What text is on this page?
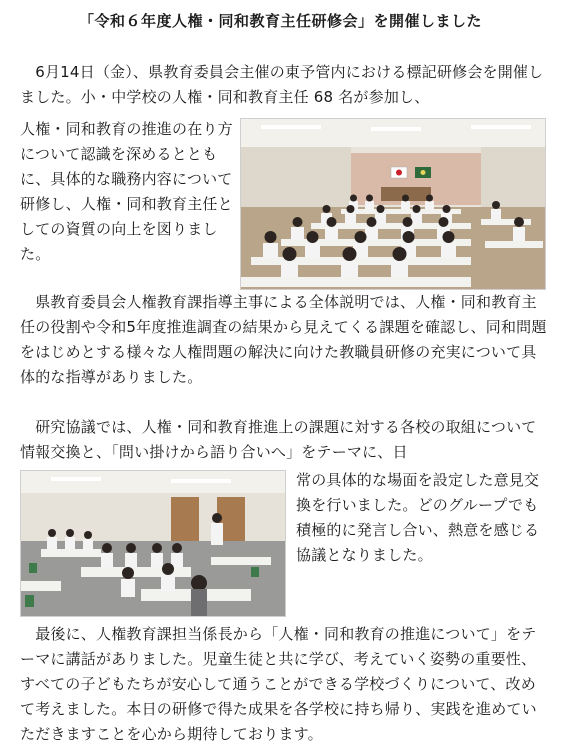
「令和６年度人権・同和教育主任研修会」を開催しました

　6月14日（金）、県教育委員会主催の東予管内における標記研修会を開催しました。小・中学校の人権・同和教育主任 68 名が参加し、

人権・同和教育の推進の在り方について認識を深めるとともに、具体的な職務内容について研修し、人権・同和教育主任としての資質の向上を図りました。

　県教育委員会人権教育課指導主事による全体説明では、人権・同和教育主任の役割や令和5年度推進調査の結果から見えてくる課題を確認し、同和問題をはじめとする様々な人権問題の解決に向けた教職員研修の充実について具体的な指導がありました。

　研究協議では、人権・同和教育推進上の課題に対する各校の取組について情報交換と、「問い掛けから語り合いへ」をテーマに、日

常の具体的な場面を設定した意見交換を行いました。どのグループでも積極的に発言し合い、熱意を感じる協議となりました。

　最後に、人権教育課担当係長から「人権・同和教育の推進について」をテーマに講話がありました。児童生徒と共に学び、考えていく姿勢の重要性、すべての子どもたちが安心して通うことができる学校づくりについて、改めて考えました。本日の研修で得た成果を各学校に持ち帰り、実践を進めていただきますことを心から期待しております。
